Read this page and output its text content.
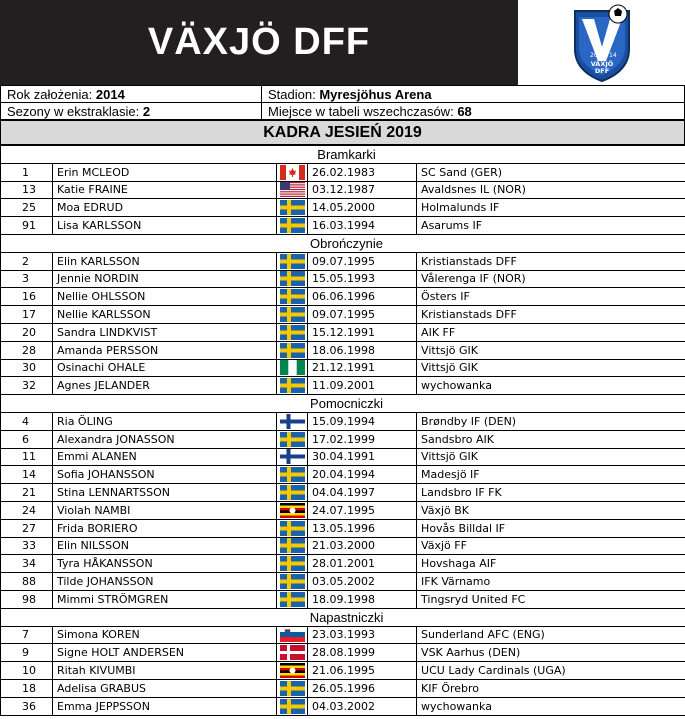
VÄXJÖ DFF	20 14
VÄXJÖ
DFF
Rok założenia: 2014	Stadion: Myresjöhus Arena
Sezony w ekstraklasie: 2	Miejsce w tabeli wszechczasów: 68
KADRA JESIEŃ 2019
		Bramkarki		
1	Erin MCLEOD		26.02.1983	SC Sand (GER)
13	Katie FRAINE		03.12.1987	Avaldsnes IL (NOR)
25	Moa EDRUD		14.05.2000	Holmalunds IF
91	Lisa KARLSSON		16.03.1994	Asarums IF
		Obrończynie		
2	Elin KARLSSON		09.07.1995	Kristianstads DFF
3	Jennie NORDIN		15.05.1993	Vålerenga IF (NOR)
16	Nellie OHLSSON		06.06.1996	Östers IF
17	Nellie KARLSSON		09.07.1995	Kristianstads DFF
20	Sandra LINDKVIST		15.12.1991	AIK FF
28	Amanda PERSSON		18.06.1998	Vittsjö GIK
30	Osinachi OHALE		21.12.1991	Vittsjö GIK
32	Agnes JELANDER		11.09.2001	wychowanka
		Pomocniczki		
4	Ria ÖLING		15.09.1994	Brøndby IF (DEN)
6	Alexandra JONASSON		17.02.1999	Sandsbro AIK
11	Emmi ALANEN		30.04.1991	Vittsjö GIK
14	Sofia JOHANSSON		20.04.1994	Madesjö IF
21	Stina LENNARTSSON		04.04.1997	Landsbro IF FK
24	Violah NAMBI		24.07.1995	Växjö BK
27	Frida BORIERO		13.05.1996	Hovås Billdal IF
33	Elin NILSSON		21.03.2000	Växjö FF
34	Tyra HÅKANSSON		28.01.2001	Hovshaga AIF
88	Tilde JOHANSSON		03.05.2002	IFK Värnamo
98	Mimmi STRÖMGREN		18.09.1998	Tingsryd United FC
		Napastniczki		
7	Simona KOREN		23.03.1993	Sunderland AFC (ENG)
9	Signe HOLT ANDERSEN		28.08.1999	VSK Aarhus (DEN)
10	Ritah KIVUMBI		21.06.1995	UCU Lady Cardinals (UGA)
18	Adelisa GRABUS		26.05.1996	KIF Örebro
36	Emma JEPPSSON		04.03.2002	wychowanka
